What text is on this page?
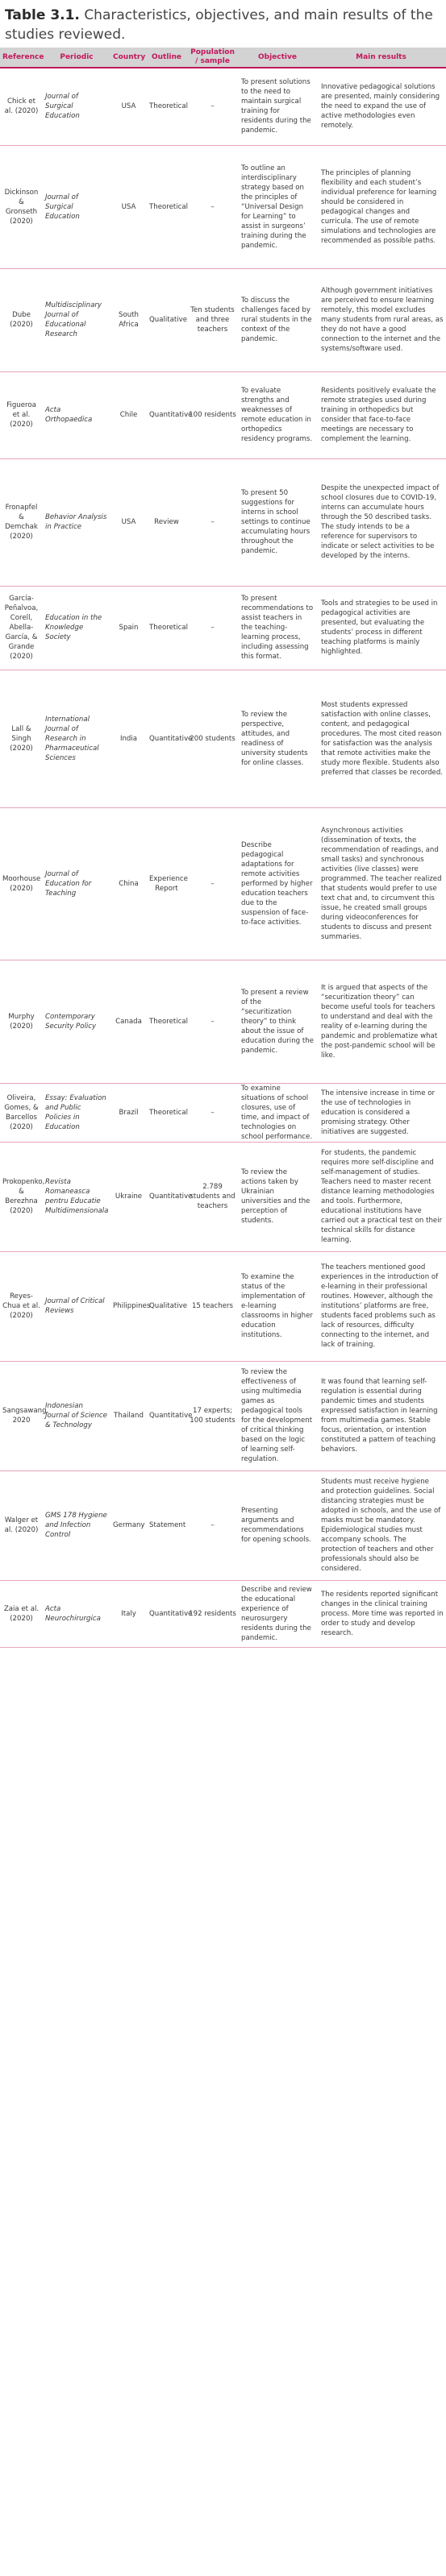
Table 3.1. Characteristics, objectives, and main results of the studies reviewed.
Reference	Periodic	Country	Outline	Population / sample	Objective	Main results
Chick et al. (2020)	Journal of Surgical Education	USA	Theoretical	–	To present solutions to the need to maintain surgical training for residents during the pandemic.	Innovative pedagogical solutions are presented, mainly considering the need to expand the use of active methodologies even remotely.
Dickinson & Gronseth (2020)	Journal of Surgical Education	USA	Theoretical	–	To outline an interdisciplinary strategy based on the principles of “Universal Design for Learning” to assist in surgeons’ training during the pandemic.	The principles of planning flexibility and each student’s individual preference for learning should be considered in pedagogical changes and curricula. The use of remote simulations and technologies are recommended as possible paths.
Dube (2020)	Multidisciplinary Journal of Educational Research	South Africa	Qualitative	Ten students and three teachers	To discuss the challenges faced by rural students in the context of the pandemic.	Although government initiatives are perceived to ensure learning remotely, this model excludes many students from rural areas, as they do not have a good connection to the internet and the systems/software used.
Figueroa et al. (2020)	Acta Orthopaedica	Chile	Quantitative	100 residents	To evaluate strengths and weaknesses of remote education in orthopedics residency programs.	Residents positively evaluate the remote strategies used during training in orthopedics but consider that face-to-face meetings are necessary to complement the learning.
Fronapfel & Demchak (2020)	Behavior Analysis in Practice	USA	Review	–	To present 50 suggestions for interns in school settings to continue accumulating hours throughout the pandemic.	Despite the unexpected impact of school closures due to COVID-19, interns can accumulate hours through the 50 described tasks. The study intends to be a reference for supervisors to indicate or select activities to be developed by the interns.
García-Peñalvoa, Corell, Abella-García, & Grande (2020)	Education in the Knowledge Society	Spain	Theoretical	–	To present recommendations to assist teachers in the teaching-learning process, including assessing this format.	Tools and strategies to be used in pedagogical activities are presented, but evaluating the students’ process in different teaching platforms is mainly highlighted.
Lall & Singh (2020)	International Journal of Research in Pharmaceutical Sciences	India	Quantitative	200 students	To review the perspective, attitudes, and readiness of university students for online classes.	Most students expressed satisfaction with online classes, content, and pedagogical procedures. The most cited reason for satisfaction was the analysis that remote activities make the study more flexible. Students also preferred that classes be recorded.
Moorhouse (2020)	Journal of Education for Teaching	China	Experience Report	–	Describe pedagogical adaptations for remote activities performed by higher education teachers due to the suspension of face-to-face activities.	Asynchronous activities (dissemination of texts, the recommendation of readings, and small tasks) and synchronous activities (live classes) were programmed. The teacher realized that students would prefer to use text chat and, to circumvent this issue, he created small groups during videoconferences for students to discuss and present summaries.
Murphy (2020)	Contemporary Security Policy	Canada	Theoretical	–	To present a review of the “securitization theory” to think about the issue of education during the pandemic.	It is argued that aspects of the “securitization theory” can become useful tools for teachers to understand and deal with the reality of e-learning during the pandemic and problematize what the post-pandemic school will be like.
Oliveira, Gomes, & Barcellos (2020)	Essay: Evaluation and Public Policies in Education	Brazil	Theoretical	–	To examine situations of school closures, use of time, and impact of technologies on school performance.	The intensive increase in time or the use of technologies in education is considered a promising strategy. Other initiatives are suggested.
Prokopenko, & Berezhna (2020)	Revista Romaneasca pentru Educatie Multidimensionala	Ukraine	Quantitative	2.789 students and teachers	To review the actions taken by Ukrainian universities and the perception of students.	For students, the pandemic requires more self-discipline and self-management of studies. Teachers need to master recent distance learning methodologies and tools. Furthermore, educational institutions have carried out a practical test on their technical skills for distance learning.
Reyes-Chua et al. (2020)	Journal of Critical Reviews	Philippines	Qualitative	15 teachers	To examine the status of the implementation of e-learning classrooms in higher education institutions.	The teachers mentioned good experiences in the introduction of e-learning in their professional routines. However, although the institutions’ platforms are free, students faced problems such as lack of resources, difficulty connecting to the internet, and lack of training.
Sangsawang, 2020	Indonesian Journal of Science & Technology	Thailand	Quantitative	17 experts; 100 students	To review the effectiveness of using multimedia games as pedagogical tools for the development of critical thinking based on the logic of learning self-regulation.	It was found that learning self-regulation is essential during pandemic times and students expressed satisfaction in learning from multimedia games. Stable focus, orientation, or intention constituted a pattern of teaching behaviors.
Walger et al. (2020)	GMS 178 Hygiene and Infection Control	Germany	Statement	–	Presenting arguments and recommendations for opening schools.	Students must receive hygiene and protection guidelines. Social distancing strategies must be adopted in schools, and the use of masks must be mandatory. Epidemiological studies must accompany schools. The protection of teachers and other professionals should also be considered.
Zaia et al. (2020)	Acta Neurochirurgica	Italy	Quantitative	192 residents	Describe and review the educational experience of neurosurgery residents during the pandemic.	The residents reported significant changes in the clinical training process. More time was reported in order to study and develop research.
